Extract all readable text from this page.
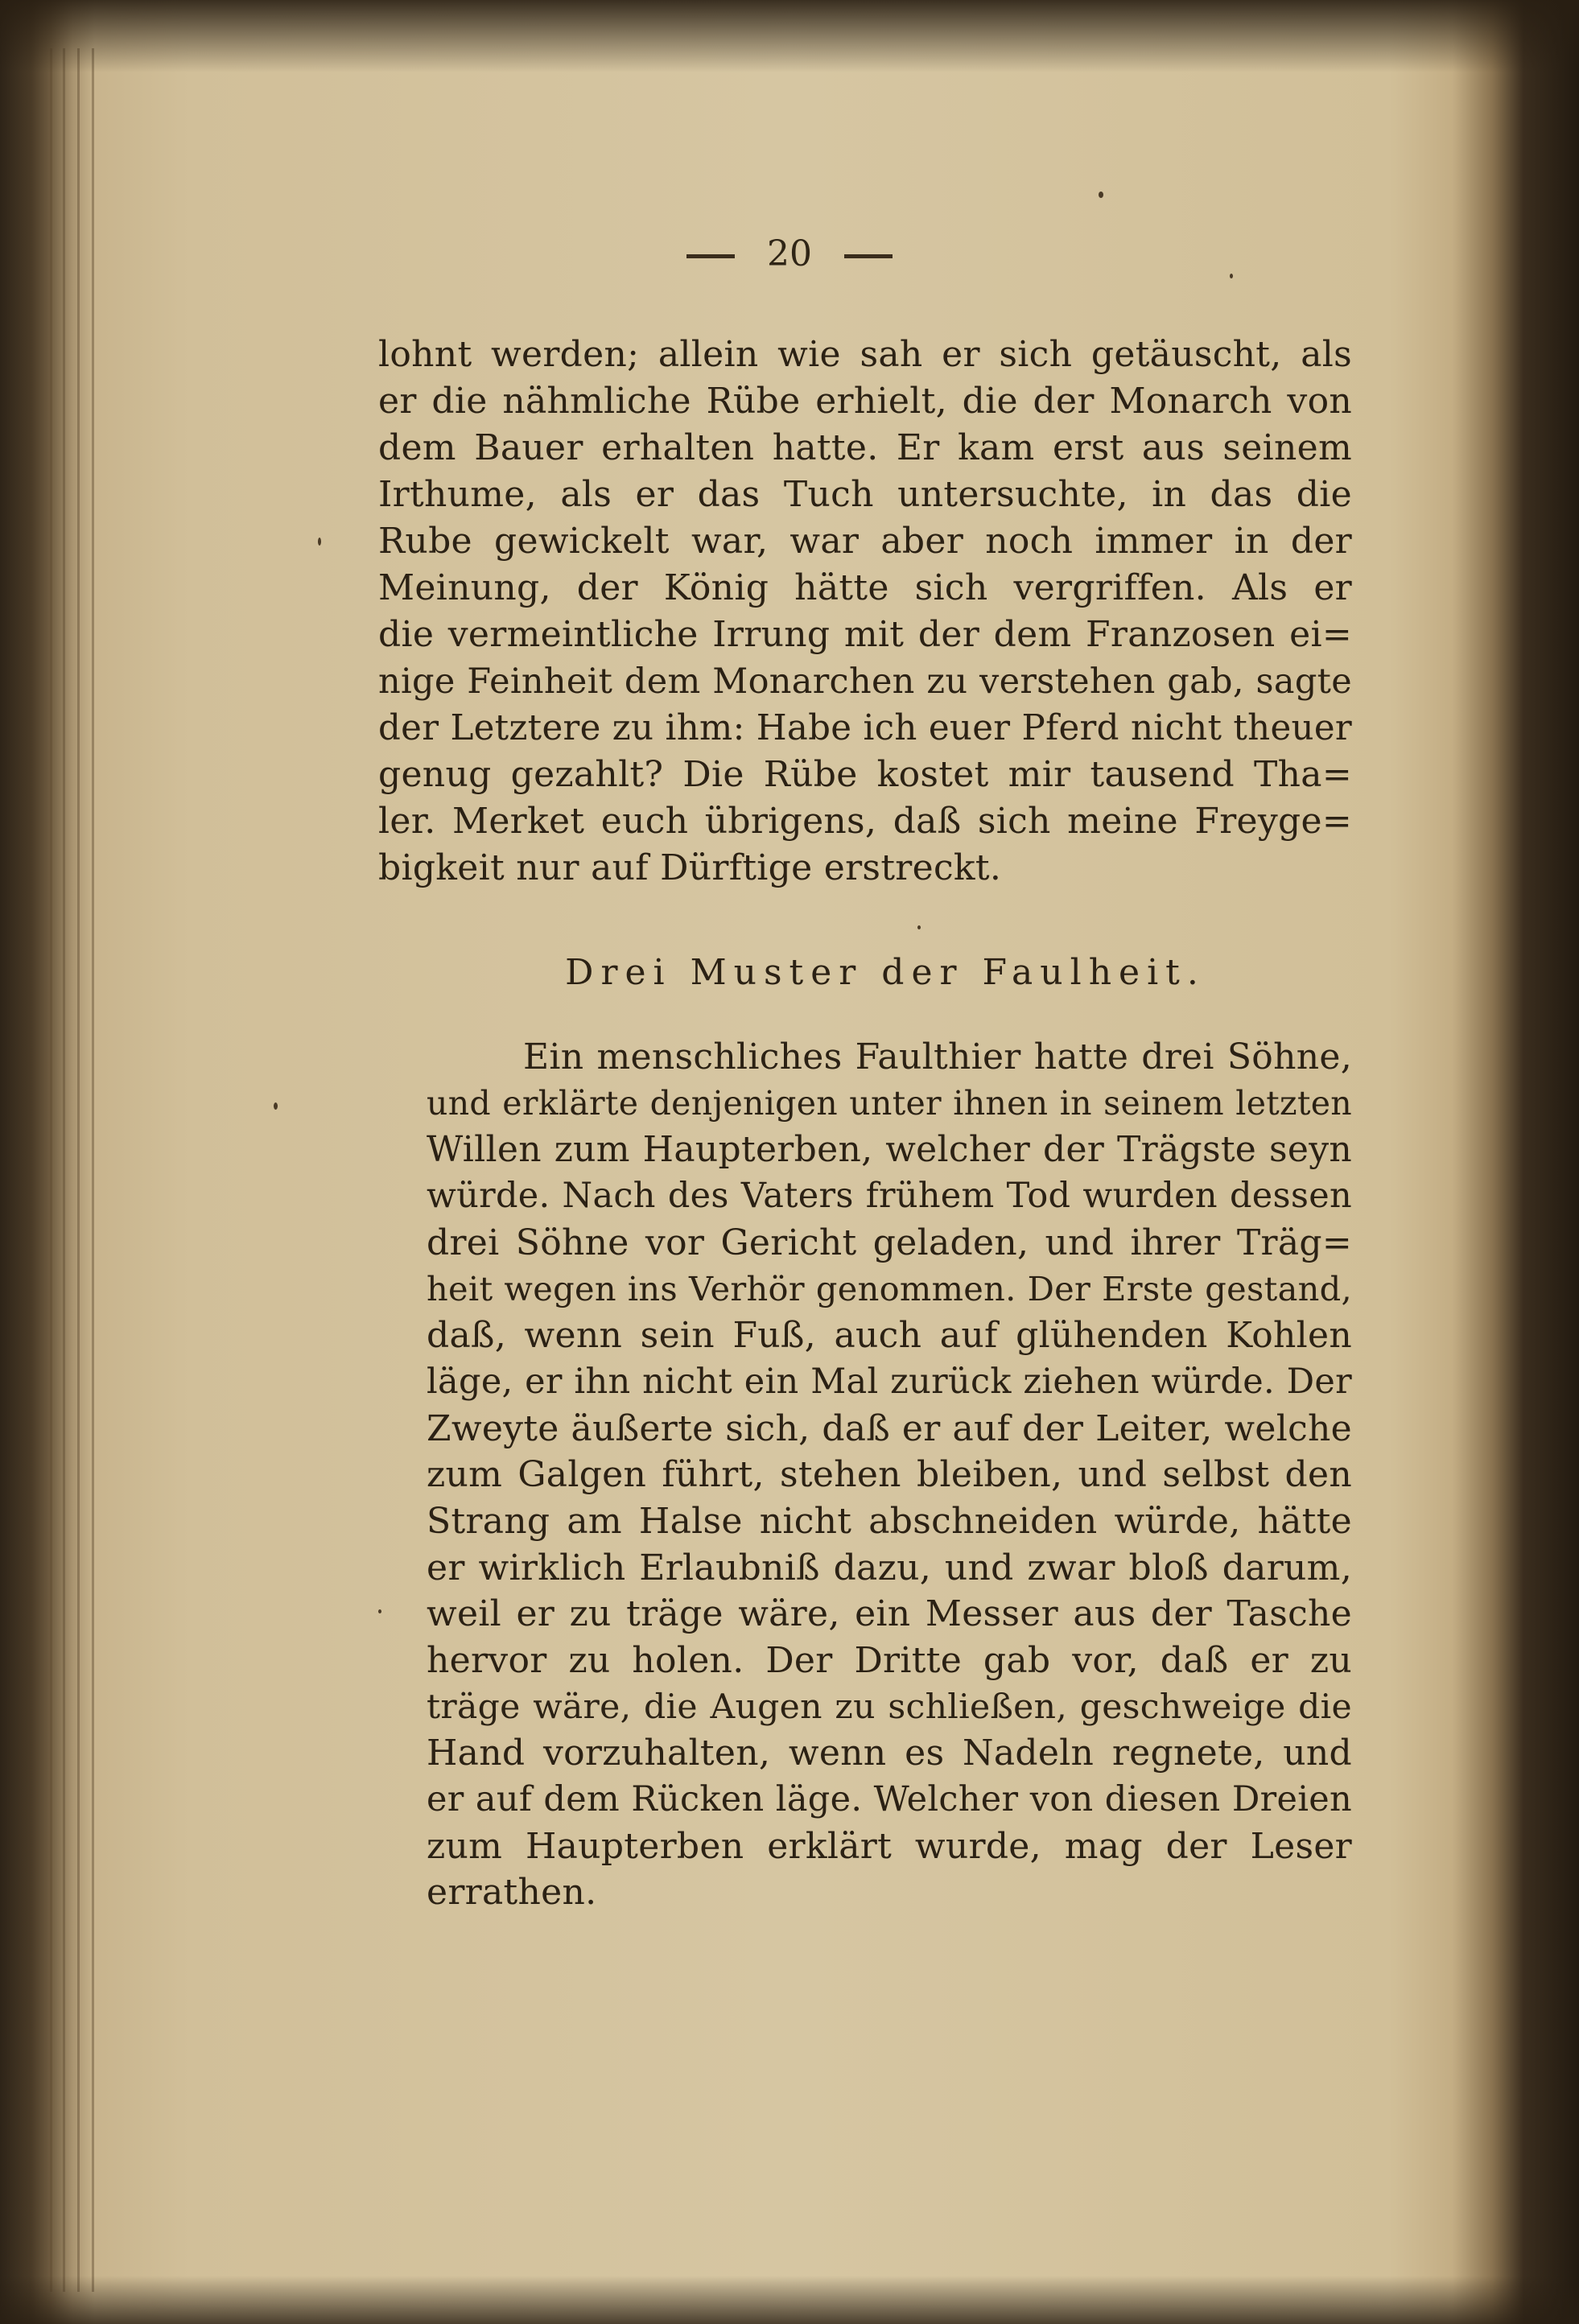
20
lohnt werden; allein wie sah er sich getäuscht, als
er die nähmliche Rübe erhielt, die der Monarch von
dem Bauer erhalten hatte. Er kam erst aus seinem
Irthume, als er das Tuch untersuchte, in das die
Rube gewickelt war, war aber noch immer in der
Meinung, der König hätte sich vergriffen. Als er
die vermeintliche Irrung mit der dem Franzosen ei=
nige Feinheit dem Monarchen zu verstehen gab, sagte
der Letztere zu ihm: Habe ich euer Pferd nicht theuer
genug gezahlt? Die Rübe kostet mir tausend Tha=
ler. Merket euch übrigens, daß sich meine Freyge=
bigkeit nur auf Dürftige erstreckt.
Drei Muster der Faulheit.
Ein menschliches Faulthier hatte drei Söhne,
und erklärte denjenigen unter ihnen in seinem letzten
Willen zum Haupterben, welcher der Trägste seyn
würde. Nach des Vaters frühem Tod wurden dessen
drei Söhne vor Gericht geladen, und ihrer Träg=
heit wegen ins Verhör genommen. Der Erste gestand,
daß, wenn sein Fuß, auch auf glühenden Kohlen
läge, er ihn nicht ein Mal zurück ziehen würde. Der
Zweyte äußerte sich, daß er auf der Leiter, welche
zum Galgen führt, stehen bleiben, und selbst den
Strang am Halse nicht abschneiden würde, hätte
er wirklich Erlaubniß dazu, und zwar bloß darum,
weil er zu träge wäre, ein Messer aus der Tasche
hervor zu holen. Der Dritte gab vor, daß er zu
träge wäre, die Augen zu schließen, geschweige die
Hand vorzuhalten, wenn es Nadeln regnete, und
er auf dem Rücken läge. Welcher von diesen Dreien
zum Haupterben erklärt wurde, mag der Leser
errathen.
